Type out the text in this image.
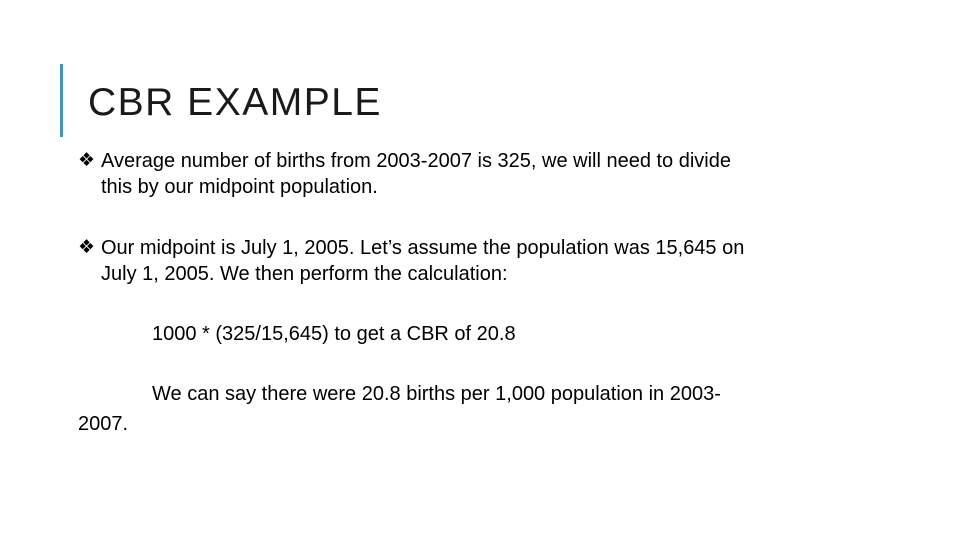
CBR EXAMPLE
❖ Average number of births from 2003-2007 is 325, we will need to divide
this by our midpoint population.
❖ Our midpoint is July 1, 2005. Let’s assume the population was 15,645 on
July 1, 2005. We then perform the calculation:
1000 * (325/15,645) to get a CBR of 20.8
We can say there were 20.8 births per 1,000 population in 2003-
2007.
